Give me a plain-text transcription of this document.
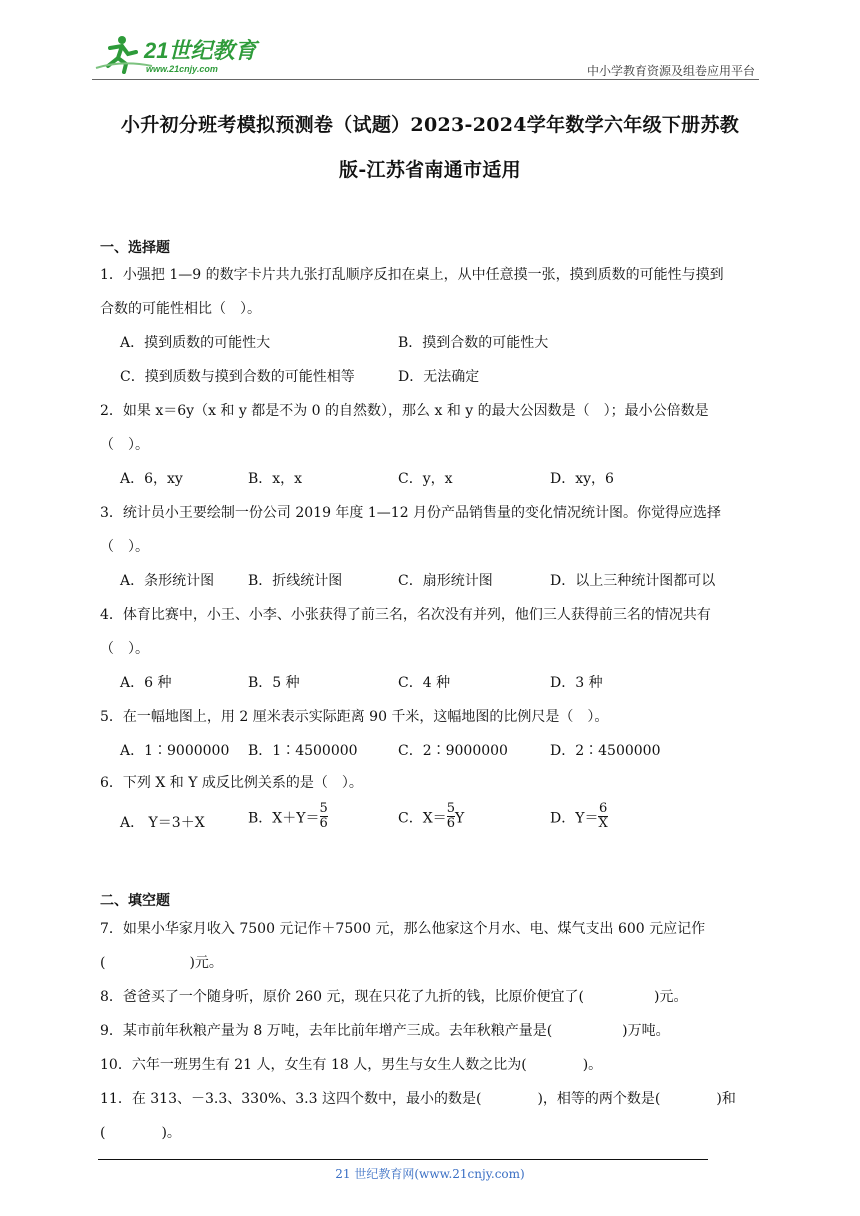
21世纪教育
www.21cnjy.com	中小学教育资源及组卷应用平台
小升初分班考模拟预测卷（试题）2023-2024学年数学六年级下册苏教
版-江苏省南通市适用
一、选择题
1．小强把 1—9 的数字卡片共九张打乱顺序反扣在桌上，从中任意摸一张，摸到质数的可能性与摸到
合数的可能性相比（　）。
A．摸到质数的可能性大	B．摸到合数的可能性大
C．摸到质数与摸到合数的可能性相等	D．无法确定
2．如果 x＝6y（x 和 y 都是不为 0 的自然数），那么 x 和 y 的最大公因数是（　）；最小公倍数是
（　）。
A．6，xy	B．x，x	C．y，x	D．xy，6
3．统计员小王要绘制一份公司 2019 年度 1—12 月份产品销售量的变化情况统计图。你觉得应选择
（　）。
A．条形统计图 B．折线统计图	C．扇形统计图	D．以上三种统计图都可以
4．体育比赛中，小王、小李、小张获得了前三名，名次没有并列，他们三人获得前三名的情况共有
（　）。
A．6 种	B．5 种	C．4 种	D．3 种
5．在一幅地图上，用 2 厘米表示实际距离 90 千米，这幅地图的比例尺是（　）。
A．1∶9000000 B．1∶4500000	C．2∶9000000	D．2∶4500000
6．下列 X 和 Y 成反比例关系的是（　）。
A． Y＝3＋X	B．$X+Y=\frac{5}{6}$	C．$X=\frac{5}{6}$ Y	D．$Y=\frac{6}{X}$
二、填空题
7．如果小华家月收入 7500 元记作＋7500 元，那么他家这个月水、电、煤气支出 600 元应记作
(　　　　　　)元。
8．爸爸买了一个随身听，原价 260 元，现在只花了九折的钱，比原价便宜了(　　　　　)元。
9．某市前年秋粮产量为 8 万吨，去年比前年增产三成。去年秋粮产量是(　　　　　)万吨。
10．六年一班男生有 21 人，女生有 18 人，男生与女生人数之比为(　　　　)。
11．在 313、－3.3、330%、3.3 这四个数中，最小的数是(　　　　)，相等的两个数是(　　　　)和
(　　　　)。
21 世纪教育网(www.21cnjy.com)
